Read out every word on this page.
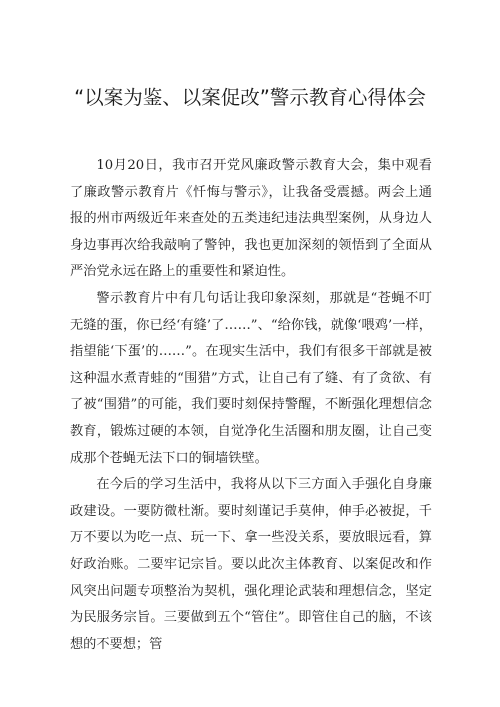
“以案为鉴、以案促改”警示教育心得体会

10月20日，我市召开党风廉政警示教育大会，集中观看了廉政警示教育片《忏悔与警示》，让我备受震撼。两会上通报的州市两级近年来查处的五类违纪违法典型案例，从身边人身边事再次给我敲响了警钟，我也更加深刻的领悟到了全面从严治党永远在路上的重要性和紧迫性。

警示教育片中有几句话让我印象深刻，那就是“苍蝇不叮无缝的蛋，你已经‘有缝’了……”、“给你钱，就像‘喂鸡’一样，指望能‘下蛋’的……”。在现实生活中，我们有很多干部就是被这种温水煮青蛙的“围猎”方式，让自己有了缝、有了贪欲、有了被“围猎”的可能，我们要时刻保持警醒，不断强化理想信念教育，锻炼过硬的本领，自觉净化生活圈和朋友圈，让自己变成那个苍蝇无法下口的铜墙铁壁。

在今后的学习生活中，我将从以下三方面入手强化自身廉政建设。一要防微杜渐。要时刻谨记手莫伸，伸手必被捉，千万不要以为吃一点、玩一下、拿一些没关系，要放眼远看，算好政治账。二要牢记宗旨。要以此次主体教育、以案促改和作风突出问题专项整治为契机，强化理论武装和理想信念，坚定为民服务宗旨。三要做到五个“管住”。即管住自己的脑，不该想的不要想；管
